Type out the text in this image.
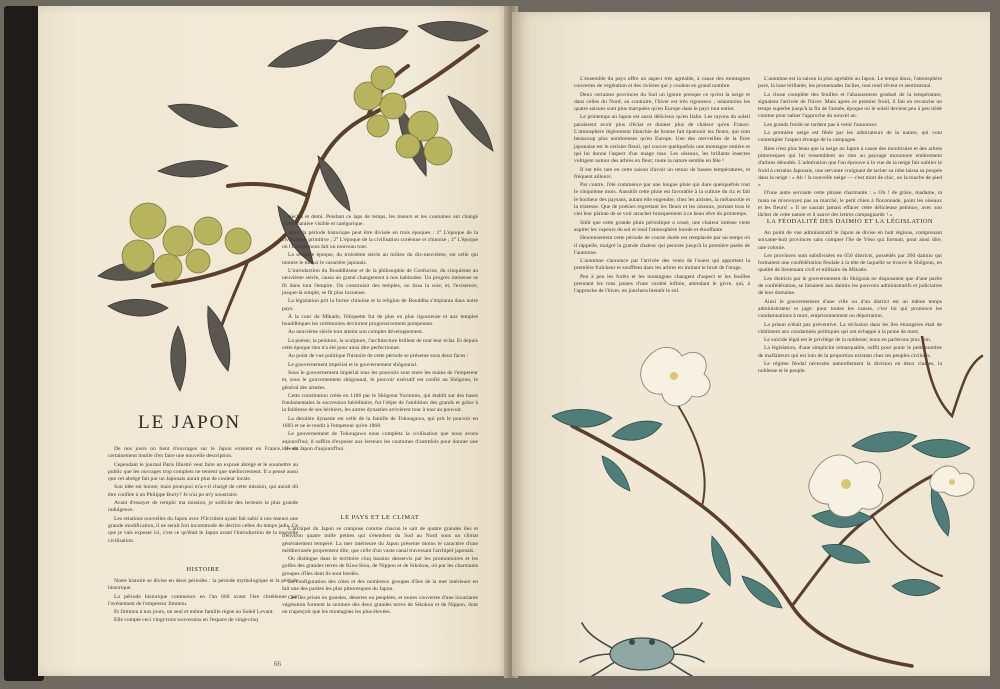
LE JAPON

De nos jours on tient d'ouvrages sur le Japon existent en France, il est certainement inutile d'en faire une nouvelle description.

Cependant le journal Paris Illustré veut faire un exposé abrégé et le soumettre au public que les ouvrages trop complets ne tentent que médiocrement. Il a pensé aussi que cet abrégé fait par un Japonais aurait plus de couleur locale.

Son idée est bonne; mais pourquoi m'a-t-il chargé de cette mission, qui aurait dû être confiée à un Philippe Burty? Je n'ai pu m'y soustraire.

Avant d'essayer de remplir ma mission, je sollicite des lecteurs la plus grande indulgence.

Les relations nouvelles du Japon avec l'Occident ayant fait subir à nos mœurs une grande modification, il ne serait fort incommode de décrire celles du temps jadis. Ce que je vais exposer ici, c'est ce qu'était le Japon avant l'introduction de la nouvelle civilisation.

HISTOIRE

Notre histoire se divise en deux périodes : la période mythologique et la période historique.

La période historique commence en l'an 660 avant l'ère chrétienne par l'avènement de l'empereur Jimmou.

Et Jimmou à nos jours, un seul et même famille règne au Soleil Levant.

Elle compte ceci vingt-trois souverains en l'espace de vingt-cinq

siècles et demi. Pendant ce laps de temps, les mœurs et les coutumes ont changé d'une manière visible et catégorique.

Ainsi la période historique peut être divisée en trois époques : 1° L'époque de la civilisation primitive ; 2° L'époque de la civilisation coréenne et chinoise ; 3° L'époque où l'Europe nous fait un nouveau tour.

La seconde époque, du troisième siècle au milieu du dix-neuvième, est celle qui montre le mieux le caractère japonais.

L'introduction du Bouddhisme et de la philosophie de Confucius, du cinquième au neuvième siècle, causa un grand changement à nos habitudes. Un progrès immense se fit dans tout l'empire. On construisit des temples, on tissa la soie, et, l'existence, jusque-là simple, se fit plus luxueuse.

La législation prit la forme chinoise et la religion de Bouddha s'implanta dans notre pays.

À la cour du Mikado, l'étiquette fut de plus en plus rigoureuse et aux temples bouddhiques les cérémonies devinrent progressivement pompeuses.

Au neuvième siècle tout atteint son complet développement.

La poésie, la peinture, la sculpture, l'architecture brillent de tout leur éclat. Et depuis cette époque rien n'a été pour ainsi dire perfectionné.

Au point de vue politique l'histoire de cette période se présente sous deux faces :

Le gouvernement impérial et le gouvernement shôgounal.

Sous le gouvernement impérial tous les pouvoirs sont entre les mains de l'empereur et, sous le gouvernement shôgounal, le pouvoir exécutif est confié au Shôgoun, le général des armées.

Cette constitution créée en 1186 par le Shôgoun Yoritomo, qui établit sur des bases fondamentales la succession héréditaire, fut l'objet de l'ambition des grands et grâce à la faiblesse de ses héritiers, les autres dynasties arrivèrent tour à tour au pouvoir.

La dernière dynastie est celle de la famille de Tokougawa, qui prit le pouvoir en 1603 et ne le rendit à l'empereur qu'en 1868.

Le gouvernement de Tokougawa nous compléta la civilisation que nous avons aujourd'hui; il suffira d'exposer aux lecteurs les coutumes d'autrefois pour donner une idée du Japon d'aujourd'hui.

LE PAYS ET LE CLIMAT

L'archipel du Japon se compose comme chacun le sait de quatre grandes îles et d'environ quatre mille petites qui s'étendent du Sud au Nord sous un climat généralement tempéré. La mer intérieure du Japon présente moins le caractère d'une méditerranée proprement dite, que celle d'un vaste canal traversant l'archipel japonais.

On distingue dans le territoire cinq bassins desservis par les promontoires et les golfes des grandes terres de Kiou-Siou, de Nippon et de Sikokou, où par les charmants groupes d'îles dont ils sont bordés.

La configuration des côtes et des nombreux groupes d'îles de la mer intérieure en fait une des parties les plus pittoresques du Japon.

Ces îles prises en grandes, désertes ou peuplées, et toutes couvertes d'une luxuriante végétation forment la ceinture des deux grandes terres de Sikokou et de Nippon, dont on n'aperçoit que les montagnes les plus élevées.

66

L'ensemble du pays offre un aspect très agréable, à cause des montagnes couvertes de végétation et des rivières qui y coulent en grand nombre.

Deux certaines provinces du Sud un ignore presque ce qu'est la neige et dans celles du Nord, au contraire, l'hiver est très rigoureux ; néanmoins les quatre saisons sont plus marquées qu'en Europe dans le pays tout entier.

Le printemps au Japon est aussi délicieux qu'en Italie. Les rayons du soleil paraissent avoir plus d'éclat et donner plus de chaleur qu'en France. L'atmosphère légèrement blanchie de brume fait épanouir les fleurs, qui sont beaucoup plus nombreuses qu'en Europe. Une des merveilles de la flore japonaise est le cerisier fleuri, qui couvre quelquefois une montagne entière et qui lui donne l'aspect d'un nuage rose. Les oiseaux, les brillants insectes voltigent autour des arbres en fleur; toute la nature semble en fête !

Il est très rare en cette saison d'avoir un retour de basses températures, et fréquent ailleurs.

Par contre, l'été commence par une longue pluie qui dure quelquefois tout le cinquième mois. Aussitôt cette pluie est favorable à la culture du riz et fait le bonheur des paysans, autant elle engendre, chez les artistes, la mélancolie et la tristesse. Que de poésies regrettant les fleurs et les oiseaux, portant tous le ciel leur plainte de se voir arracher brusquement à ce beau rêve du printemps.

Sitôt que cette grande pluie périodique a cessé, une chaleur intense vient aspirer les vapeurs du sol et rend l'atmosphère lourde et étouffante.

Heureusement cette période de courte durée est remplacée par un temps où il rappelle, malgré la grande chaleur qui persiste jusqu'à la première partie de l'automne.

L'automne s'annonce par l'arrivée des vents de l'ouest qui apportent la première fraîcheur et soufflent dans les arbres en imitant le bruit de l'orage.

Peu à peu les forêts et les montagnes changent d'aspect et les feuilles prennent les tons jaunes d'une variété infinie, attendant le givre, qui, à l'approche de l'hiver, en jonchera bientôt le sol.

L'automne est la saison la plus agréable au Japon. Le temps doux, l'atmosphère pure, la lune brillante, les promenades faciles, tout rend rêveur et sentimental.

La chose complète des feuilles et l'abaissement graduel de la température, signalent l'arrivée de l'hiver. Mais après ce premier froid, il fait en revanche un temps superbe jusqu'à la fin de l'année, époque où le soleil devient peu à peu tiède comme pour saluer l'approche du nouvel an.

Les grands froids ne tardent pas à venir l'annoncer.

La première neige est fêtée par les admirateurs de la nature, qui vont contempler l'aspect étrange de la campagne.

Rien n'est plus beau que la neige au Japon à cause des monticules et des arbres pittoresques qui lui ressemblent un rien au paysage monotone entièrement d'arbres dénudés. L'admiration que l'on éprouve à la vue de la neige fait oublier le froid à certains Japonais, une servante craignant de tacher sa robe laissa sa poupée dans la neige : « Ah ! la nouvelle neige — c'est mort de chic, on la touche de pied »

D'une autre servante cette phrase charmante : « Oh ! de grâce, madame, ta main ne m'envoyez pas au marché, le petit chien à floconnade, point les oiseaux et les fleurs! » Il ne saurait jamais effacer cette délicieuse peinture, avec son lâcher de cette nature et il sauve des lettres campagnarde ! »

LA FÉODALITÉ DES DAIMIO ET LA LÉGISLATION

Au point de vue administratif le Japon se divise en huit régions, comprenant soixante-huit provinces sans compter l'île de Yéso qui formait, pour ainsi dire, une colonie.

Les provinces sont subdivisées en 650 districts, possédés par 260 daimio qui formaient une confédération féodale à la tête de laquelle se trouve le Shôgoun, en qualité de lieutenant civil et militaire du Mikado.

Les districts par le gouvernement du Shôgoun ne disposaient que d'une partie de confédération, se faisaient aux daimio les pouvoirs administratifs et judiciaires de leur domaine.

Ainsi le gouvernement d'une ville ou d'un district est un même temps administrateur et juge: pour toutes les causes, c'est lui qui prononce les condamnations à mort, emprisonnement ou déportation.

La prison n'était pas préventive. La réclusion dans les îles étrangères était de châtiment aux condamnés politiques qui ont échappé à la peine de mort.

Le suicide légal est le privilège de la noblesse; nous en parlerons plus loin.

La législation, d'une simplicité remarquable, suffit pour punir le petit nombre de malfaiteurs qui est loin de la proportion existant chez les peuples civilisés.

Le régime féodal nécessite naturellement la division en deux classes, la noblesse et le peuple.
